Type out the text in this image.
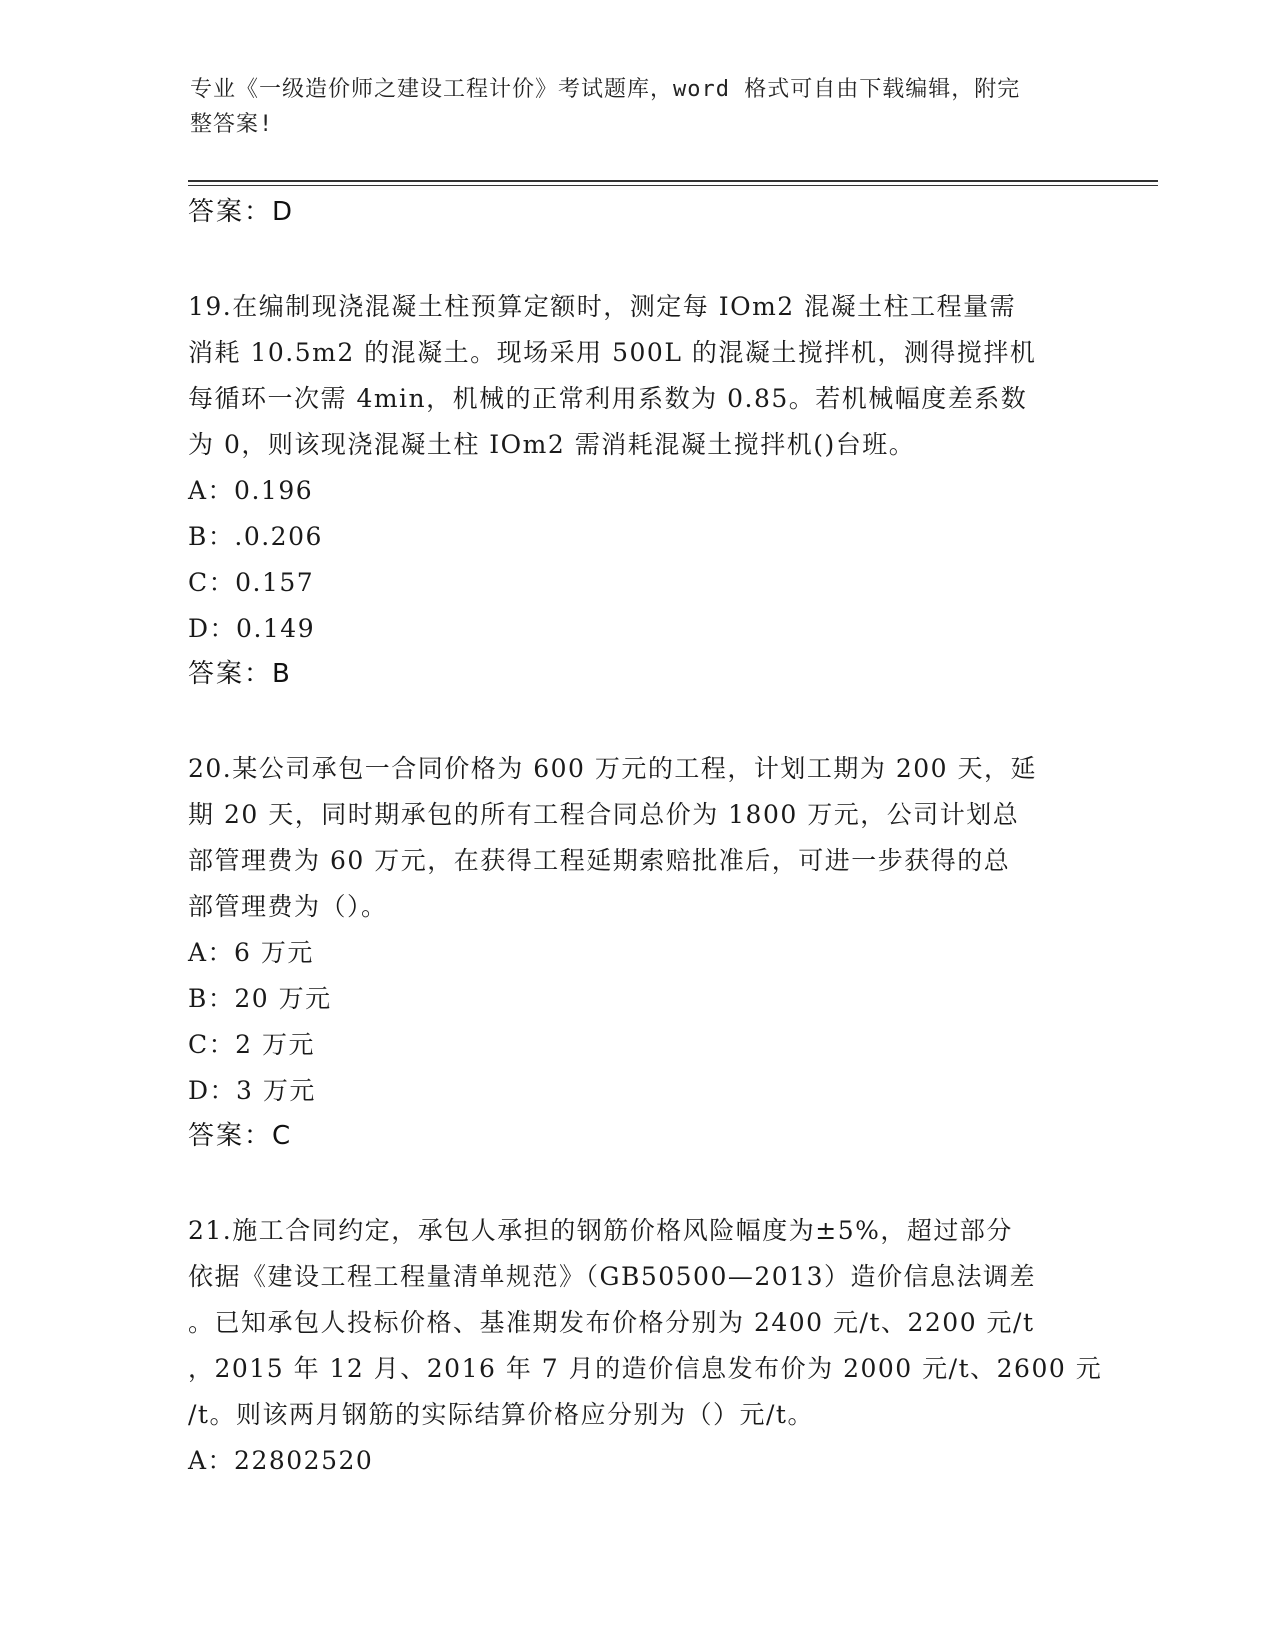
专业《一级造价师之建设工程计价》考试题库，word 格式可自由下载编辑，附完
整答案!
答案：D
19.在编制现浇混凝土柱预算定额时，测定每 IOm2 混凝土柱工程量需
消耗 10.5m2 的混凝土。现场采用 500L 的混凝土搅拌机，测得搅拌机
每循环一次需 4min，机械的正常利用系数为 0.85。若机械幅度差系数
为 0，则该现浇混凝土柱 IOm2 需消耗混凝土搅拌机()台班。
A：0.196
B：.0.206
C：0.157
D：0.149
答案：B
20.某公司承包一合同价格为 600 万元的工程，计划工期为 200 天，延
期 20 天，同时期承包的所有工程合同总价为 1800 万元，公司计划总
部管理费为 60 万元，在获得工程延期索赔批准后，可进一步获得的总
部管理费为（）。
A：6 万元
B：20 万元
C：2 万元
D：3 万元
答案：C
21.施工合同约定，承包人承担的钢筋价格风险幅度为±5%，超过部分
依据《建设工程工程量清单规范》（GB50500—2013）造价信息法调差
。已知承包人投标价格、基准期发布价格分别为 2400 元/t、2200 元/t
，2015 年 12 月、2016 年 7 月的造价信息发布价为 2000 元/t、2600 元
/t。则该两月钢筋的实际结算价格应分别为（）元/t。
A：22802520
